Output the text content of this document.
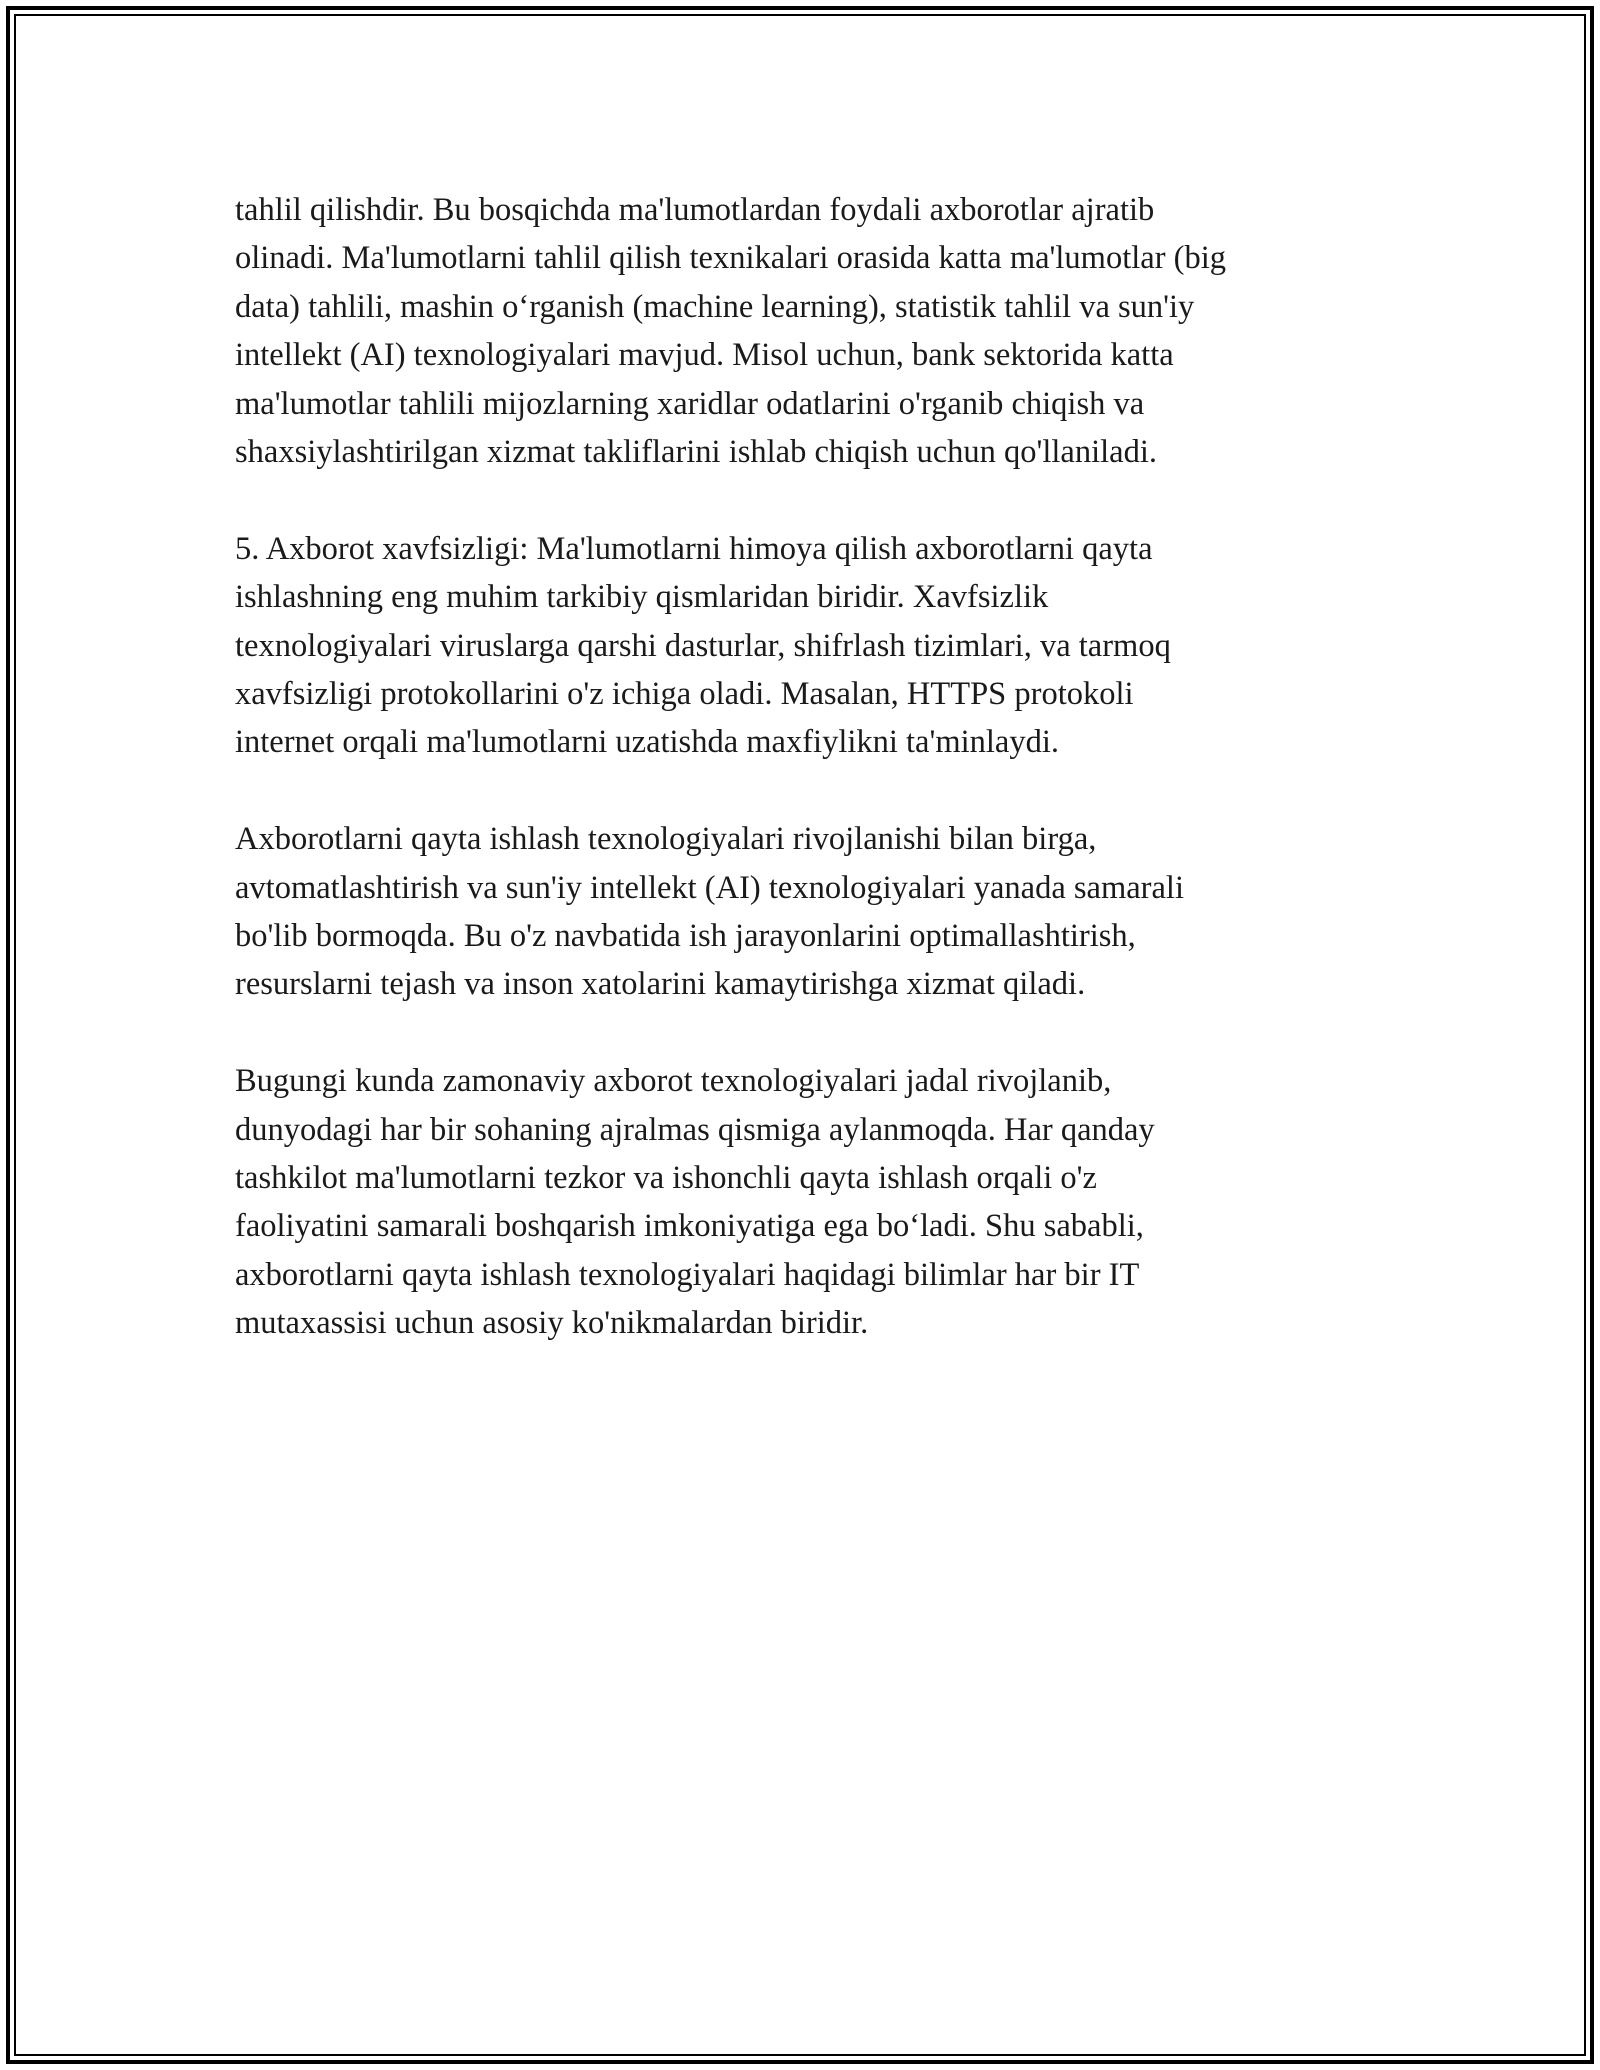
tahlil qilishdir. Bu bosqichda ma'lumotlardan foydali axborotlar ajratib
olinadi. Ma'lumotlarni tahlil qilish texnikalari orasida katta ma'lumotlar (big
data) tahlili, mashin o‘rganish (machine learning), statistik tahlil va sun'iy
intellekt (AI) texnologiyalari mavjud. Misol uchun, bank sektorida katta
ma'lumotlar tahlili mijozlarning xaridlar odatlarini o'rganib chiqish va
shaxsiylashtirilgan xizmat takliflarini ishlab chiqish uchun qo'llaniladi.

5. Axborot xavfsizligi: Ma'lumotlarni himoya qilish axborotlarni qayta
ishlashning eng muhim tarkibiy qismlaridan biridir. Xavfsizlik
texnologiyalari viruslarga qarshi dasturlar, shifrlash tizimlari, va tarmoq
xavfsizligi protokollarini o'z ichiga oladi. Masalan, HTTPS protokoli
internet orqali ma'lumotlarni uzatishda maxfiylikni ta'minlaydi.

Axborotlarni qayta ishlash texnologiyalari rivojlanishi bilan birga,
avtomatlashtirish va sun'iy intellekt (AI) texnologiyalari yanada samarali
bo'lib bormoqda. Bu o'z navbatida ish jarayonlarini optimallashtirish,
resurslarni tejash va inson xatolarini kamaytirishga xizmat qiladi.

Bugungi kunda zamonaviy axborot texnologiyalari jadal rivojlanib,
dunyodagi har bir sohaning ajralmas qismiga aylanmoqda. Har qanday
tashkilot ma'lumotlarni tezkor va ishonchli qayta ishlash orqali o'z
faoliyatini samarali boshqarish imkoniyatiga ega bo‘ladi. Shu sababli,
axborotlarni qayta ishlash texnologiyalari haqidagi bilimlar har bir IT
mutaxassisi uchun asosiy ko'nikmalardan biridir.
